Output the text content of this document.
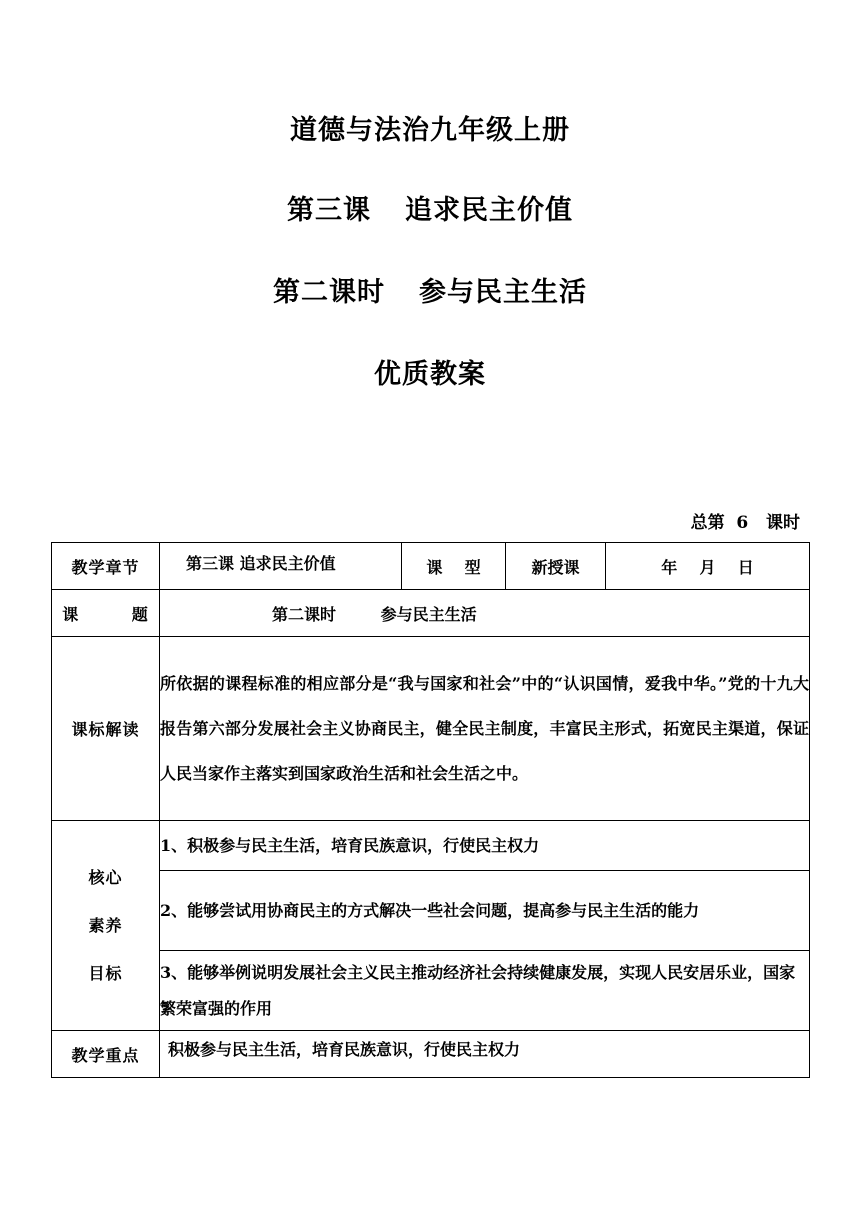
道德与法治九年级上册
第三课 追求民主价值
第二课时 参与民主生活
优质教案
总第  6   课时
教学章节	第三课 追求民主价值	课    型	新授课	年    月    日
课        题	第二课时        参与民主生活			
课标解读	所依据的课程标准的相应部分是“我与国家和社会”中的“认识国情，爱我中华。”党的十九大报告第六部分发展社会主义协商民主，健全民主制度，丰富民主形式，拓宽民主渠道，保证人民当家作主落实到国家政治生活和社会生活之中。			

核心
素养
目标	1、积极参与民主生活，培育民族意识，行使民主权力			
	2、能够尝试用协商民主的方式解决一些社会问题，提高参与民主生活的能力			
	3、能够举例说明发展社会主义民主推动经济社会持续健康发展，实现人民安居乐业，国家繁荣富强的作用			
教学重点	积极参与民主生活，培育民族意识，行使民主权力			
